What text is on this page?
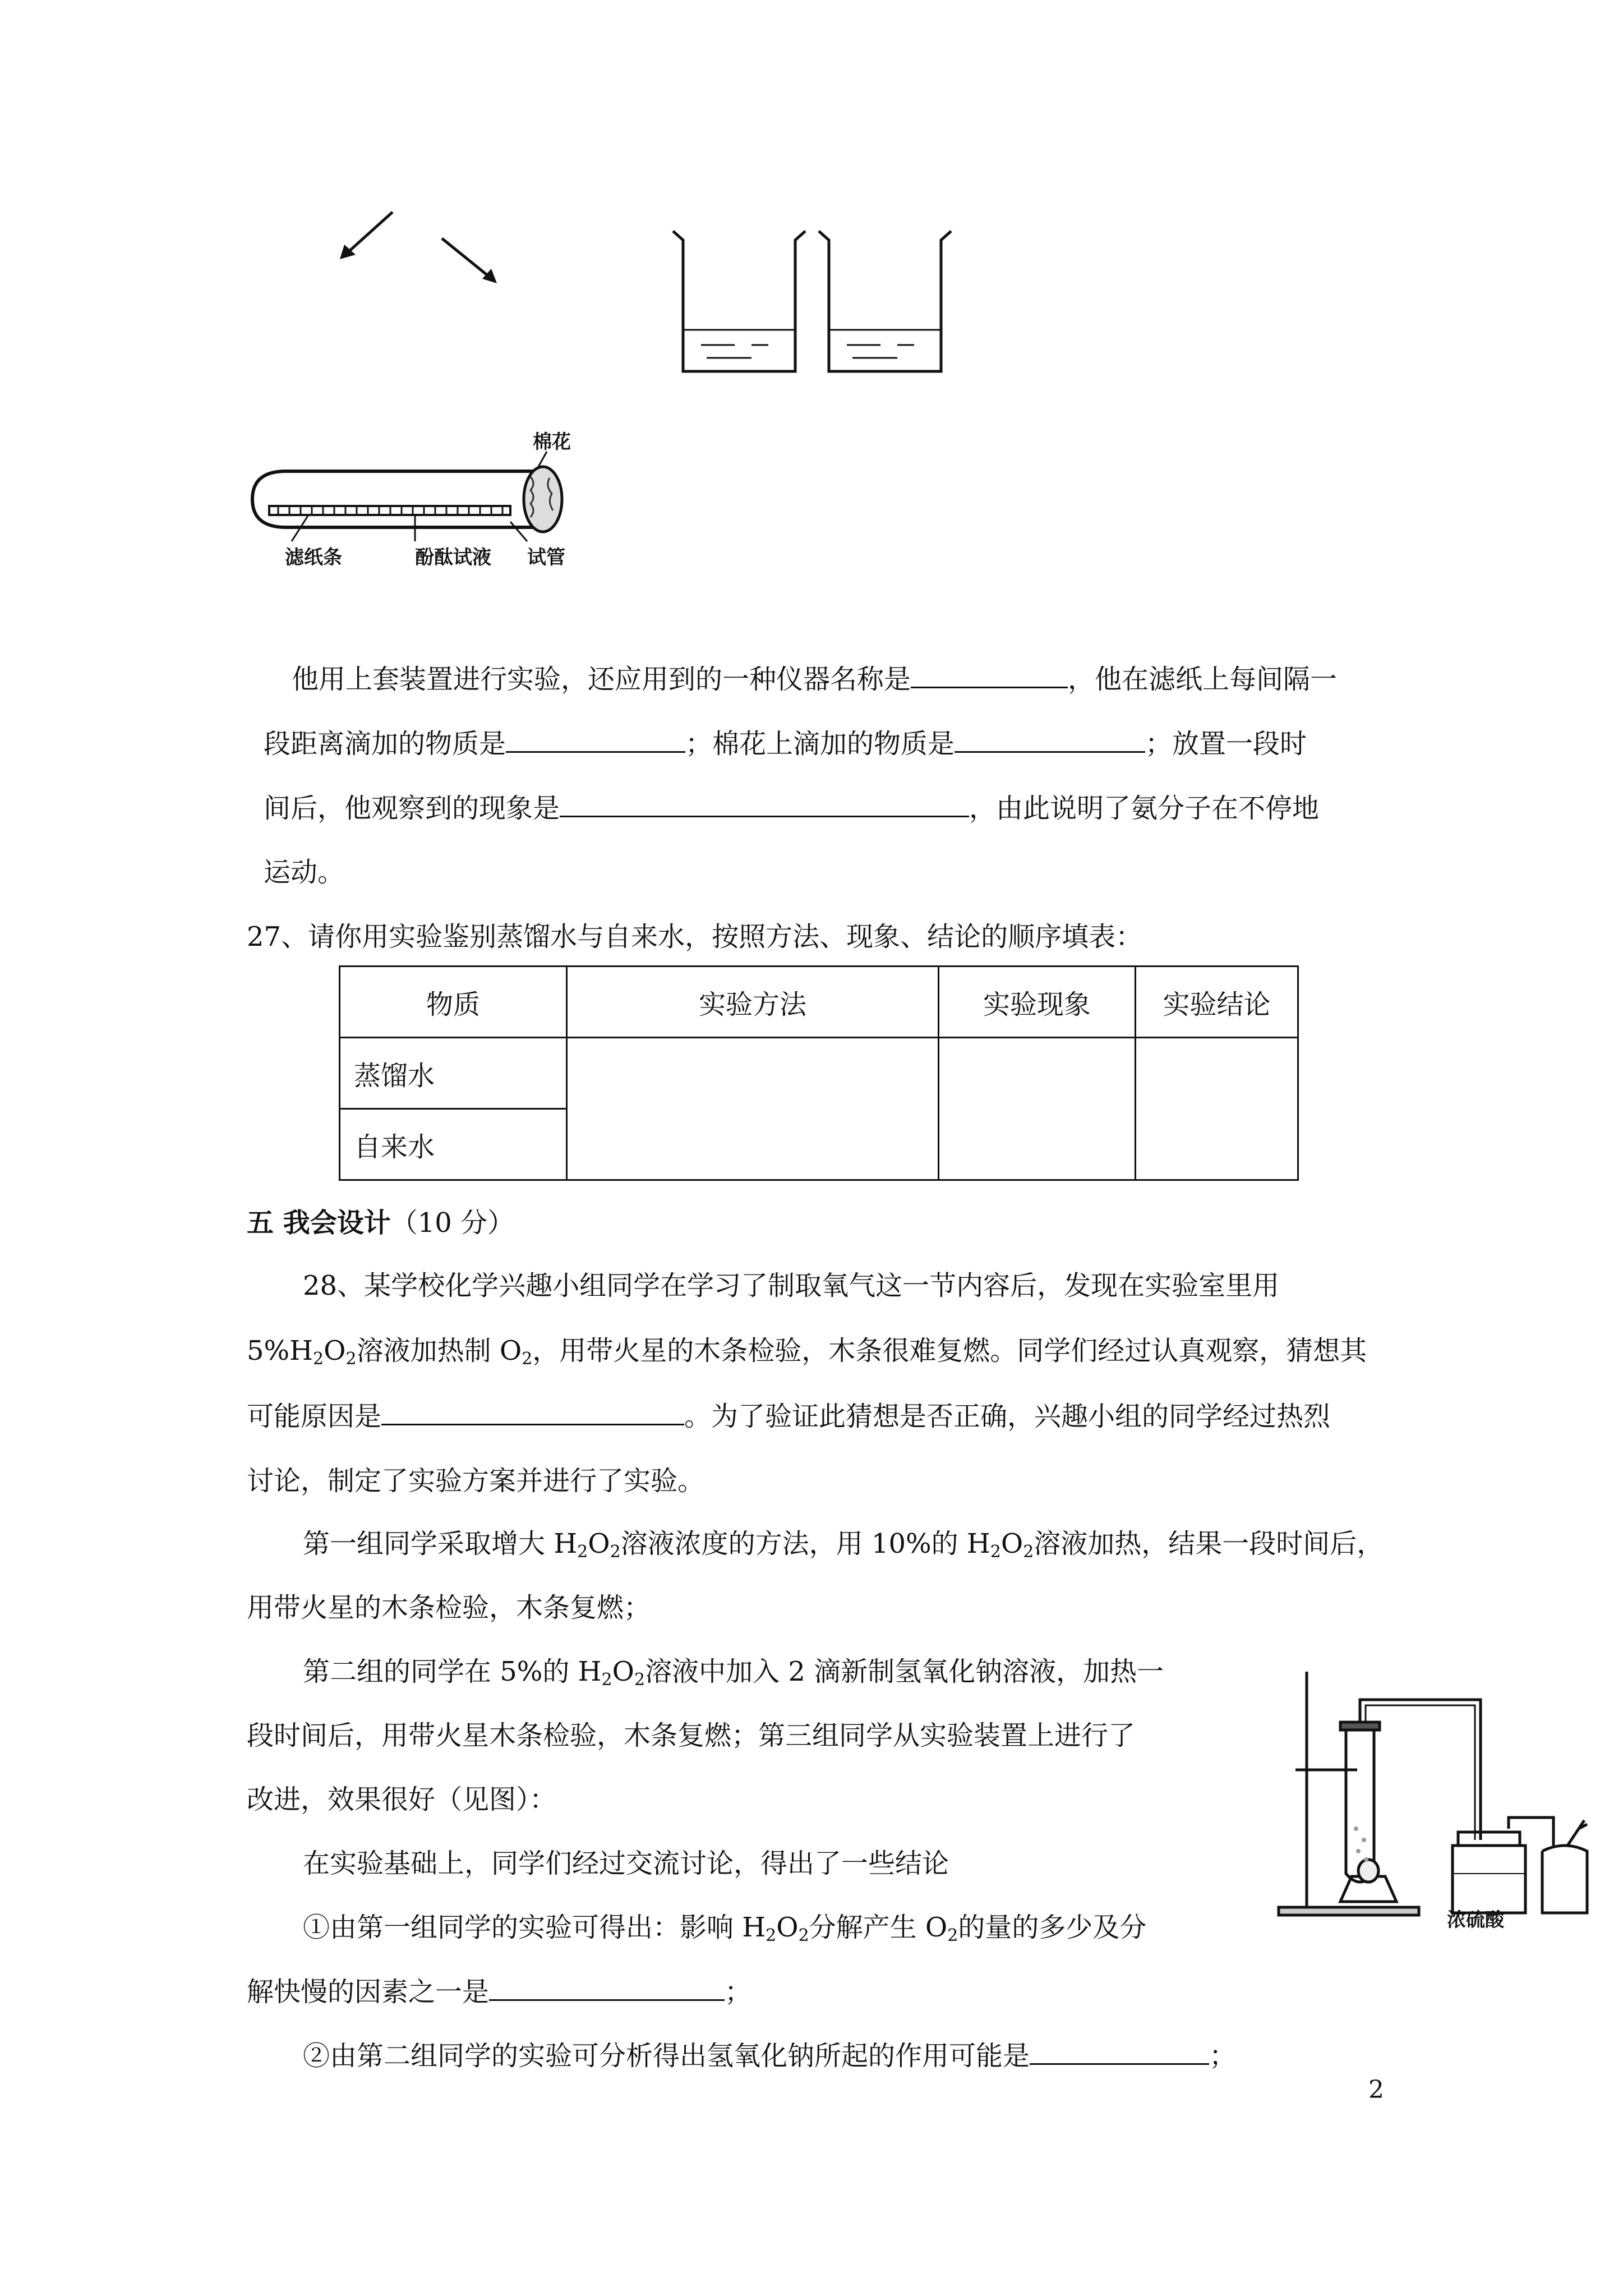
棉花
滤纸条	酚酞试液 试管
他用上套装置进行实验，还应用到的一种仪器名称是	，他在滤纸上每间隔一
段距离滴加的物质是	；棉花上滴加的物质是	；放置一段时
间后，他观察到的现象是	，由此说明了氨分子在不停地
运动。
27、请你用实验鉴别蒸馏水与自来水，按照方法、现象、结论的顺序填表：
物质	实验方法	实验现象	实验结论
蒸馏水			
自来水			
五 我会设计（10 分）
28、某学校化学兴趣小组同学在学习了制取氧气这一节内容后，发现在实验室里用
$5\%H_2O_2$溶液加热制 $O_2$，用带火星的木条检验，木条很难复燃。同学们经过认真观察，猜想其
可能原因是	。为了验证此猜想是否正确，兴趣小组的同学经过热烈
讨论，制定了实验方案并进行了实验。
第一组同学采取增大 $H_2O_2$溶液浓度的方法，用 10%的 $H_2O_2$溶液加热，结果一段时间后，
用带火星的木条检验，木条复燃；
第二组的同学在 5%的 $H_2O_2$溶液中加入 2 滴新制氢氧化钠溶液，加热一
段时间后，用带火星木条检验，木条复燃；第三组同学从实验装置上进行了
改进，效果很好（见图）：
在实验基础上，同学们经过交流讨论，得出了一些结论
①由第一组同学的实验可得出：影响 $H_2O_2$分解产生 $O_2$的量的多少及分
解快慢的因素之一是	；
②由第二组同学的实验可分析得出氢氧化钠所起的作用可能是	；
浓硫酸
2
